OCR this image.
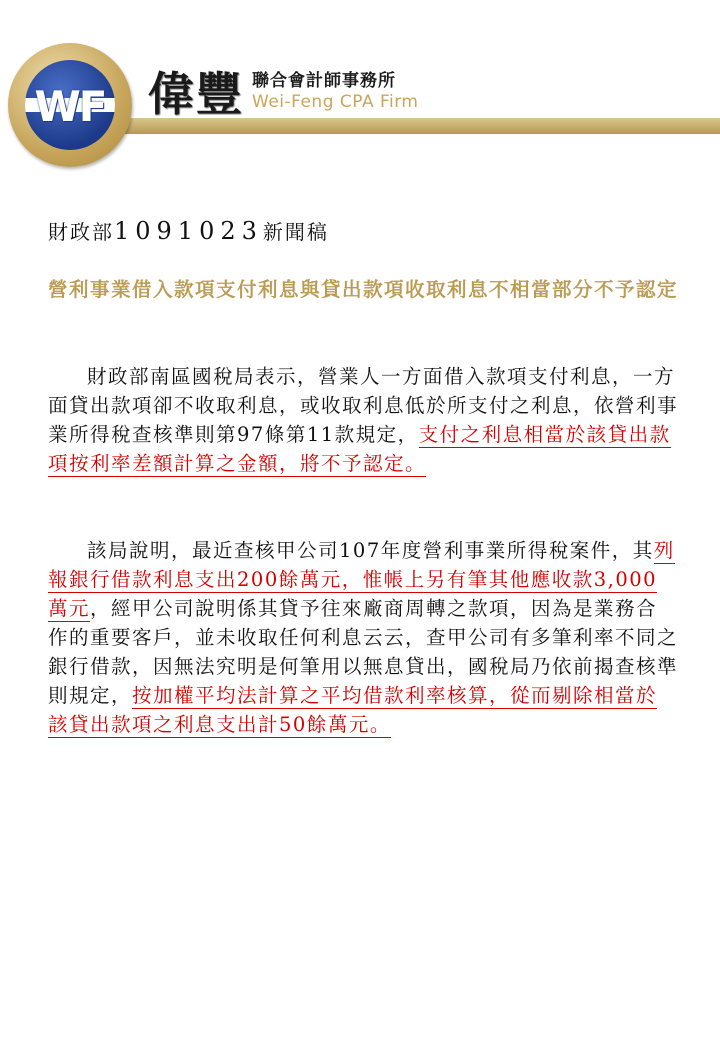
WF 偉豐 聯合會計師事務所
Wei-Feng CPA Firm
財政部1091023新聞稿
營利事業借入款項支付利息與貸出款項收取利息不相當部分不予認定

財政部南區國稅局表示，營業人一方面借入款項支付利息，一方面貸出款項卻不收取利息，或收取利息低於所支付之利息，依營利事業所得稅查核準則第97條第11款規定，支付之利息相當於該貸出款項按利率差額計算之金額，將不予認定。

該局說明，最近查核甲公司107年度營利事業所得稅案件，其列報銀行借款利息支出200餘萬元，惟帳上另有筆其他應收款3,000萬元，經甲公司說明係其貸予往來廠商周轉之款項，因為是業務合作的重要客戶，並未收取任何利息云云，查甲公司有多筆利率不同之銀行借款，因無法究明是何筆用以無息貸出，國稅局乃依前揭查核準則規定，按加權平均法計算之平均借款利率核算，從而剔除相當於該貸出款項之利息支出計50餘萬元。
